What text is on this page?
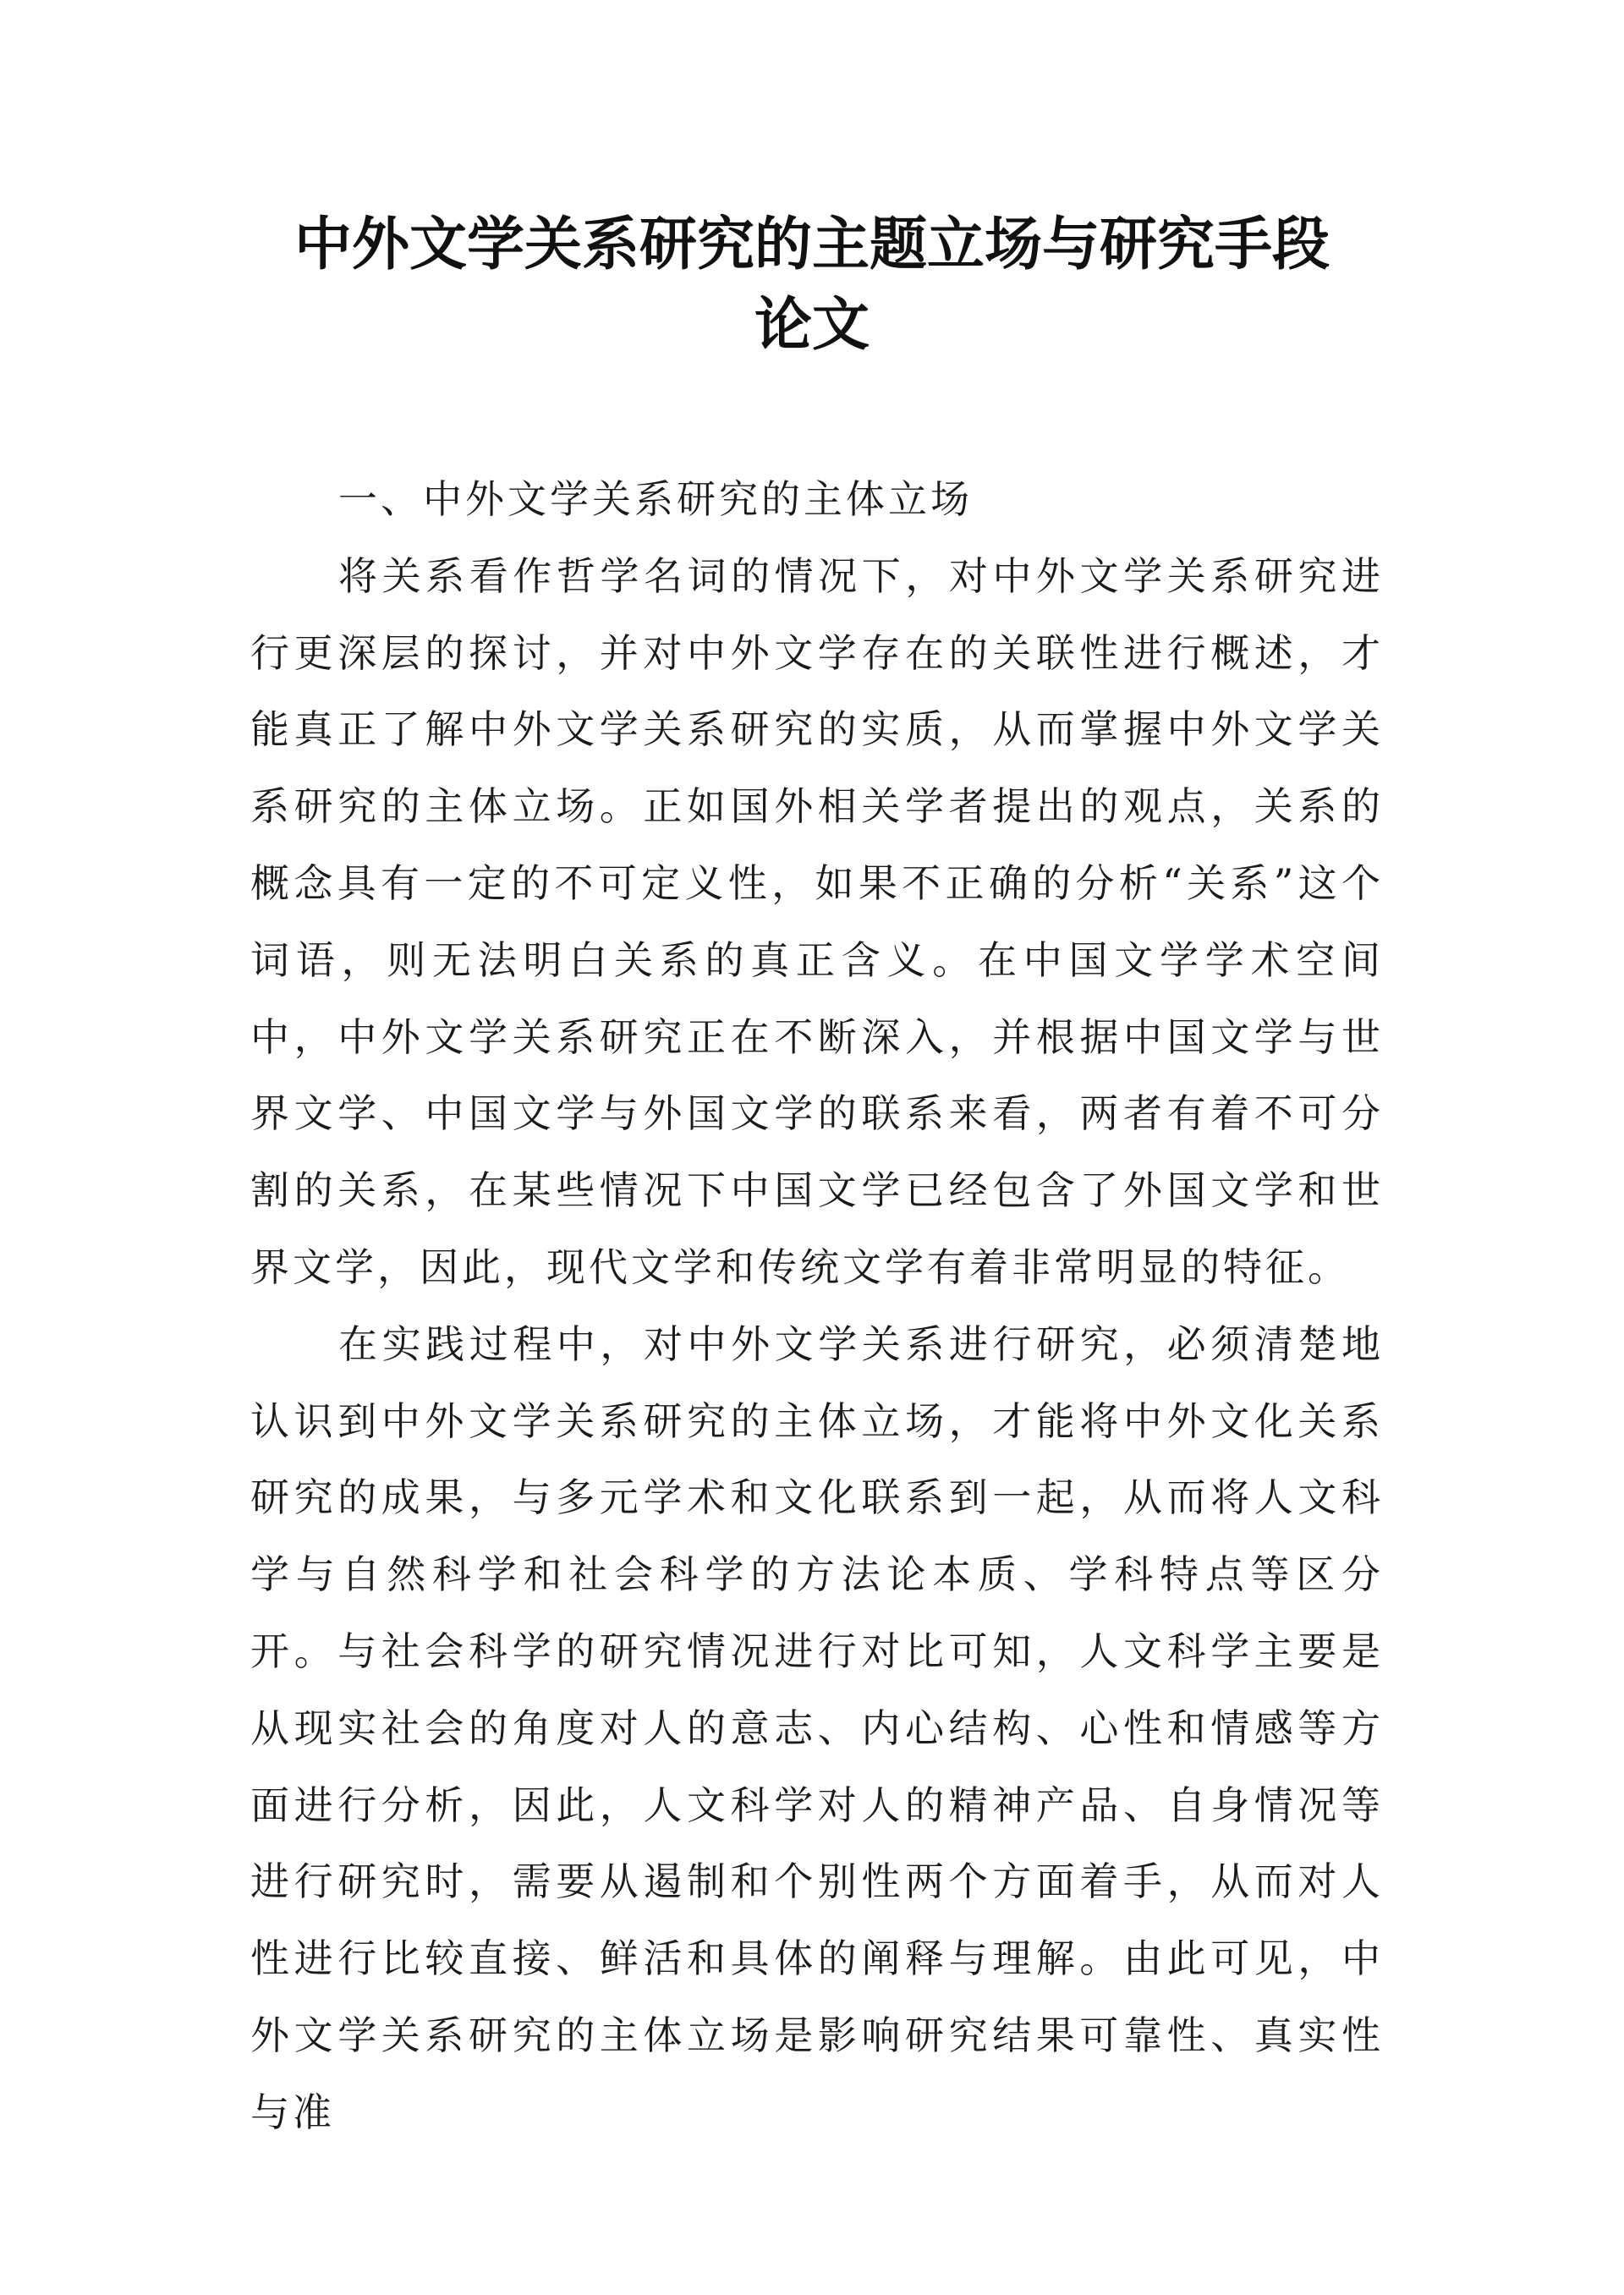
中外文学关系研究的主题立场与研究手段
论文

一、中外文学关系研究的主体立场

将关系看作哲学名词的情况下，对中外文学关系研究进行更深层的探讨，并对中外文学存在的关联性进行概述，才能真正了解中外文学关系研究的实质，从而掌握中外文学关系研究的主体立场。正如国外相关学者提出的观点，关系的概念具有一定的不可定义性，如果不正确的分析“关系”这个词语，则无法明白关系的真正含义。在中国文学学术空间中，中外文学关系研究正在不断深入，并根据中国文学与世界文学、中国文学与外国文学的联系来看，两者有着不可分割的关系，在某些情况下中国文学已经包含了外国文学和世界文学，因此，现代文学和传统文学有着非常明显的特征。

在实践过程中，对中外文学关系进行研究，必须清楚地认识到中外文学关系研究的主体立场，才能将中外文化关系研究的成果，与多元学术和文化联系到一起，从而将人文科学与自然科学和社会科学的方法论本质、学科特点等区分开。与社会科学的研究情况进行对比可知，人文科学主要是从现实社会的角度对人的意志、内心结构、心性和情感等方面进行分析，因此，人文科学对人的精神产品、自身情况等进行研究时，需要从遏制和个别性两个方面着手，从而对人性进行比较直接、鲜活和具体的阐释与理解。由此可见，中外文学关系研究的主体立场是影响研究结果可靠性、真实性与准
